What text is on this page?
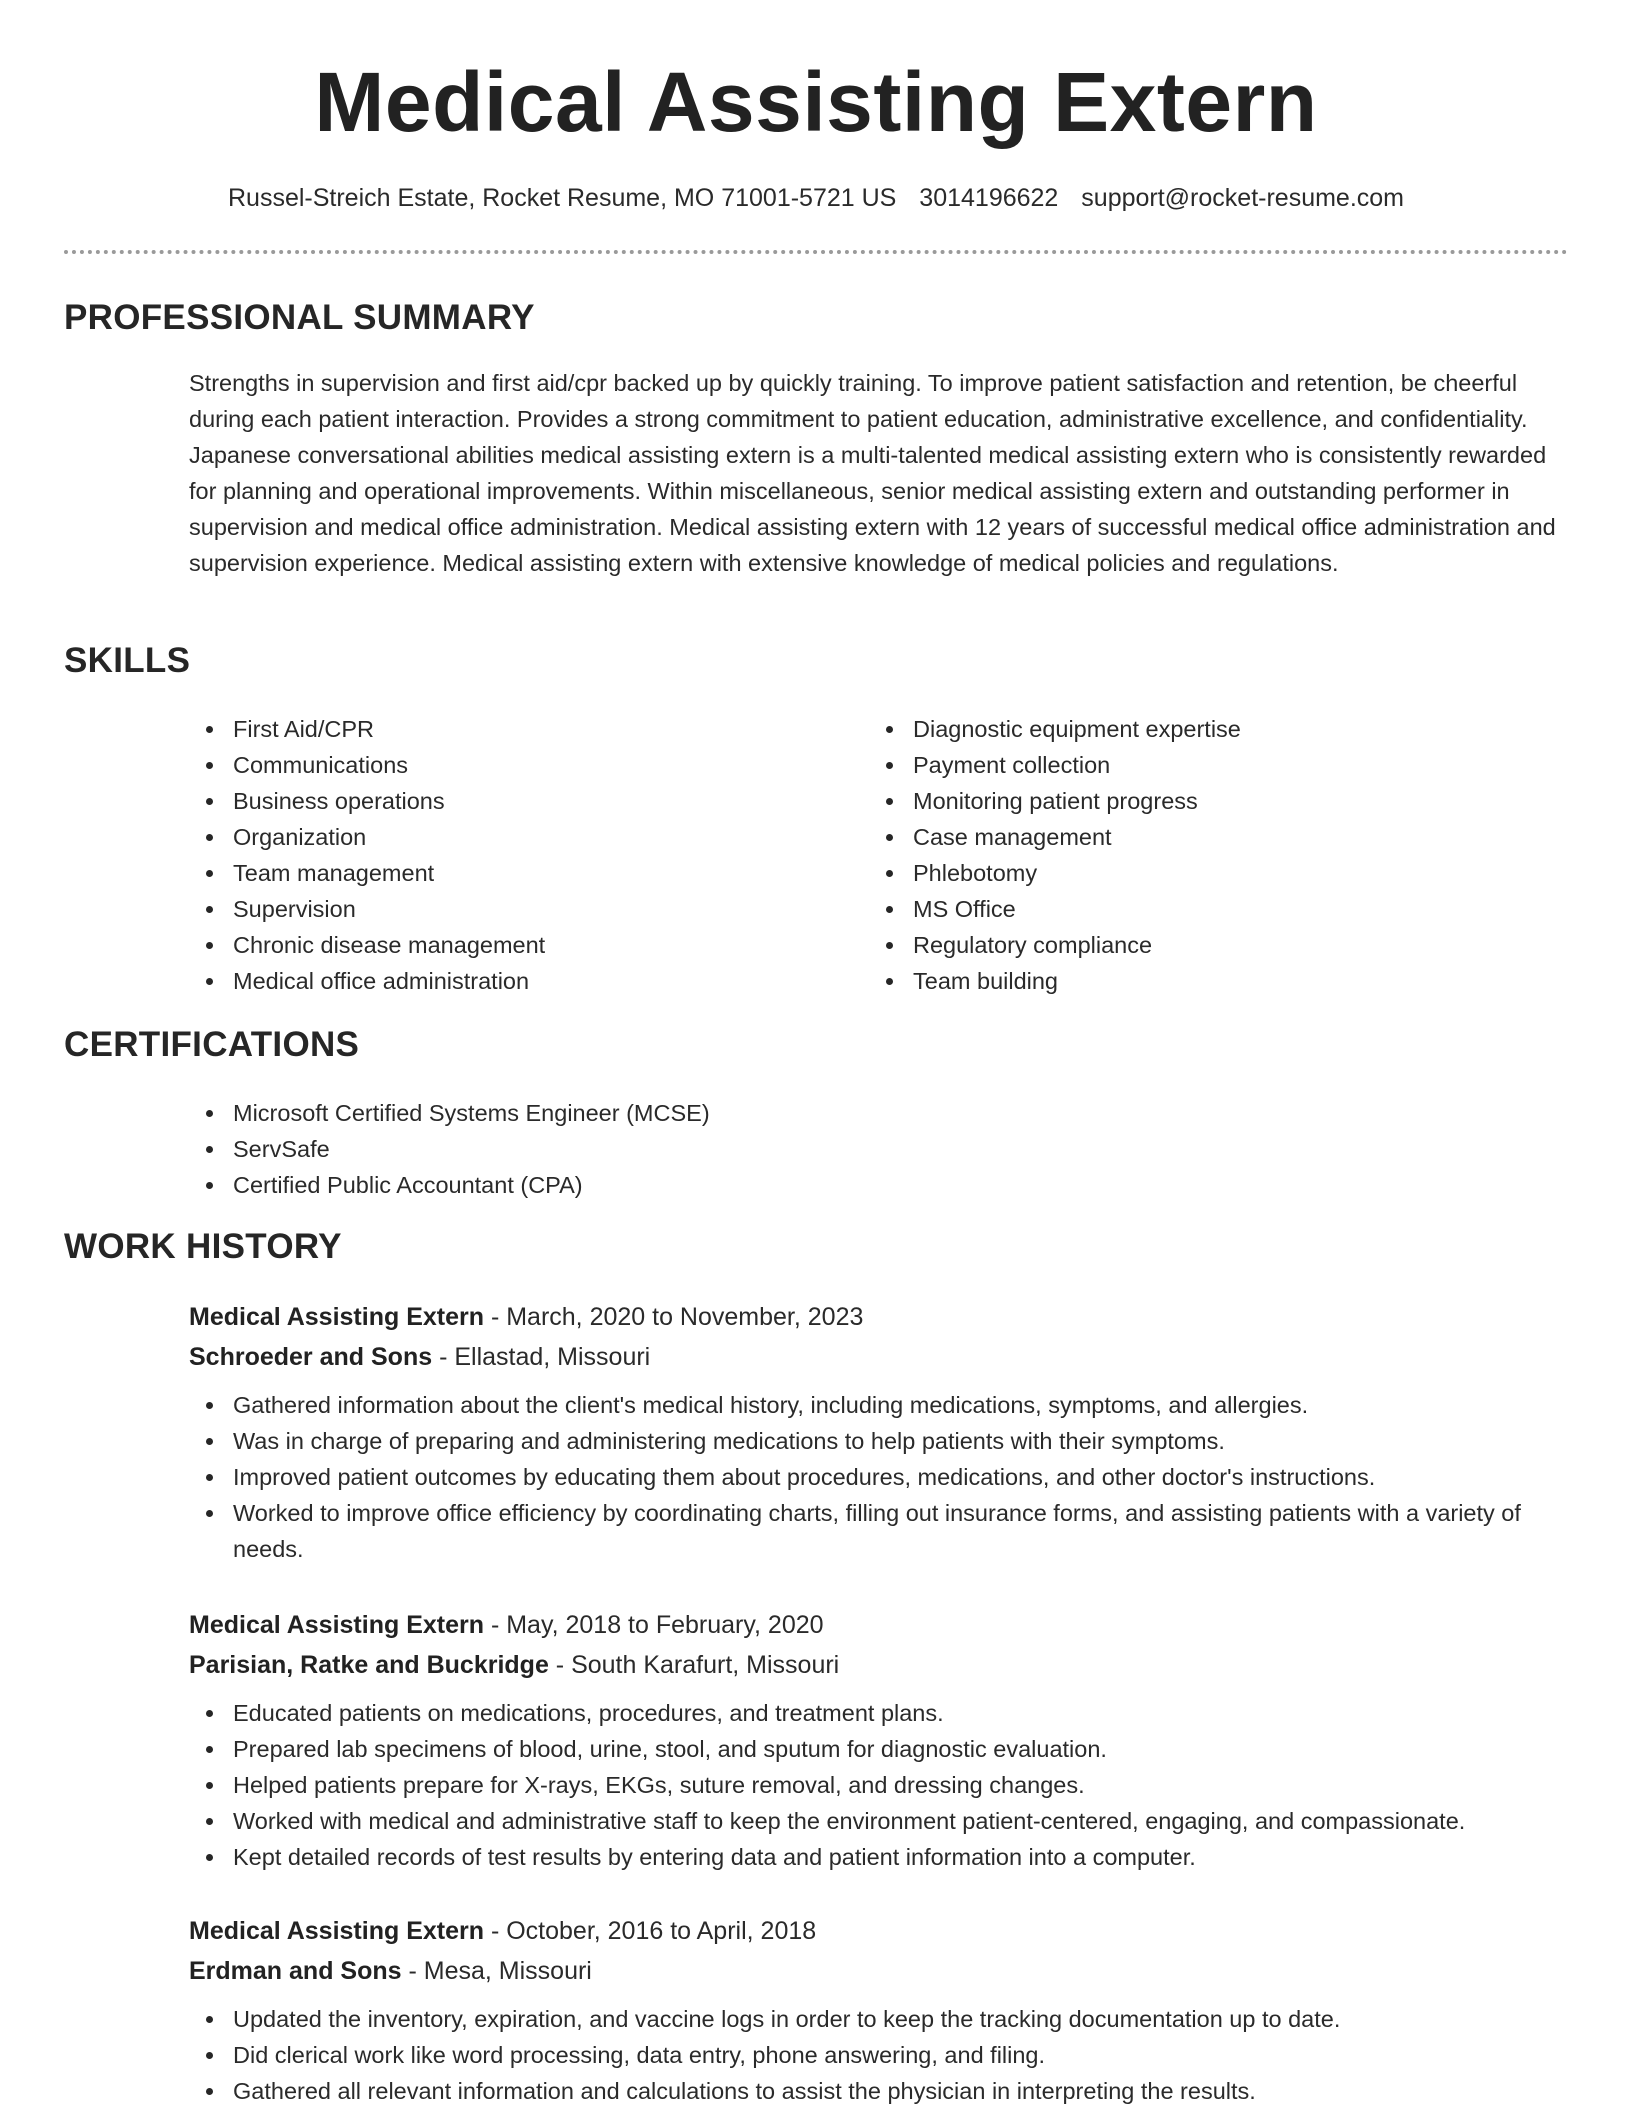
Medical Assisting Extern
Russel-Streich Estate, Rocket Resume, MO 71001-5721 US 3014196622 support@rocket-resume.com
PROFESSIONAL SUMMARY

Strengths in supervision and first aid/cpr backed up by quickly training. To improve patient satisfaction and retention, be cheerful during each patient interaction. Provides a strong commitment to patient education, administrative excellence, and confidentiality. Japanese conversational abilities medical assisting extern is a multi-talented medical assisting extern who is consistently rewarded for planning and operational improvements. Within miscellaneous, senior medical assisting extern and outstanding performer in supervision and medical office administration. Medical assisting extern with 12 years of successful medical office administration and supervision experience. Medical assisting extern with extensive knowledge of medical policies and regulations.

SKILLS
First Aid/CPR
Communications
Business operations
Organization
Team management
Supervision
Chronic disease management
Medical office administration
Diagnostic equipment expertise
Payment collection
Monitoring patient progress
Case management
Phlebotomy
MS Office
Regulatory compliance
Team building
CERTIFICATIONS
Microsoft Certified Systems Engineer (MCSE)
ServSafe
Certified Public Accountant (CPA)
WORK HISTORY

Medical Assisting Extern - March, 2020 to November, 2023

Schroeder and Sons - Ellastad, Missouri

Gathered information about the client's medical history, including medications, symptoms, and allergies.
Was in charge of preparing and administering medications to help patients with their symptoms.
Improved patient outcomes by educating them about procedures, medications, and other doctor's instructions.
Worked to improve office efficiency by coordinating charts, filling out insurance forms, and assisting patients with a variety of needs.

Medical Assisting Extern - May, 2018 to February, 2020

Parisian, Ratke and Buckridge - South Karafurt, Missouri

Educated patients on medications, procedures, and treatment plans.
Prepared lab specimens of blood, urine, stool, and sputum for diagnostic evaluation.
Helped patients prepare for X-rays, EKGs, suture removal, and dressing changes.
Worked with medical and administrative staff to keep the environment patient-centered, engaging, and compassionate.
Kept detailed records of test results by entering data and patient information into a computer.

Medical Assisting Extern - October, 2016 to April, 2018

Erdman and Sons - Mesa, Missouri

Updated the inventory, expiration, and vaccine logs in order to keep the tracking documentation up to date.
Did clerical work like word processing, data entry, phone answering, and filing.
Gathered all relevant information and calculations to assist the physician in interpreting the results.
